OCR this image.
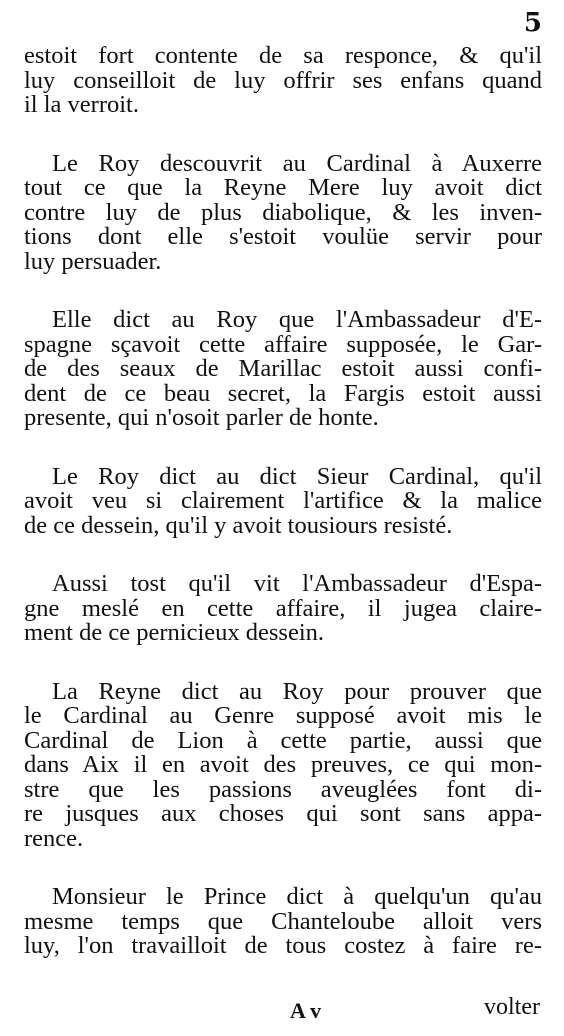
5
estoit fort contente de sa responce, & qu'il
luy conseilloit de luy offrir ses enfans quand
il la verroit.
Le Roy descouvrit au Cardinal à Auxerre
tout ce que la Reyne Mere luy avoit dict
contre luy de plus diabolique, & les inven-
tions dont elle s'estoit voulüe servir pour
luy persuader.
Elle dict au Roy que l'Ambassadeur d'E-
spagne sçavoit cette affaire supposée, le Gar-
de des seaux de Marillac estoit aussi confi-
dent de ce beau secret, la Fargis estoit aussi
presente, qui n'osoit parler de honte.
Le Roy dict au dict Sieur Cardinal, qu'il
avoit veu si clairement l'artifice & la malice
de ce dessein, qu'il y avoit tousiours resisté.
Aussi tost qu'il vit l'Ambassadeur d'Espa-
gne meslé en cette affaire, il jugea claire-
ment de ce pernicieux dessein.
La Reyne dict au Roy pour prouver que
le Cardinal au Genre supposé avoit mis le
Cardinal de Lion à cette partie, aussi que
dans Aix il en avoit des preuves, ce qui mon-
stre que les passions aveuglées font di-
re jusques aux choses qui sont sans appa-
rence.
Monsieur le Prince dict à quelqu'un qu'au
mesme temps que Chanteloube alloit vers
luy, l'on travailloit de tous costez à faire re-
A v	volter
